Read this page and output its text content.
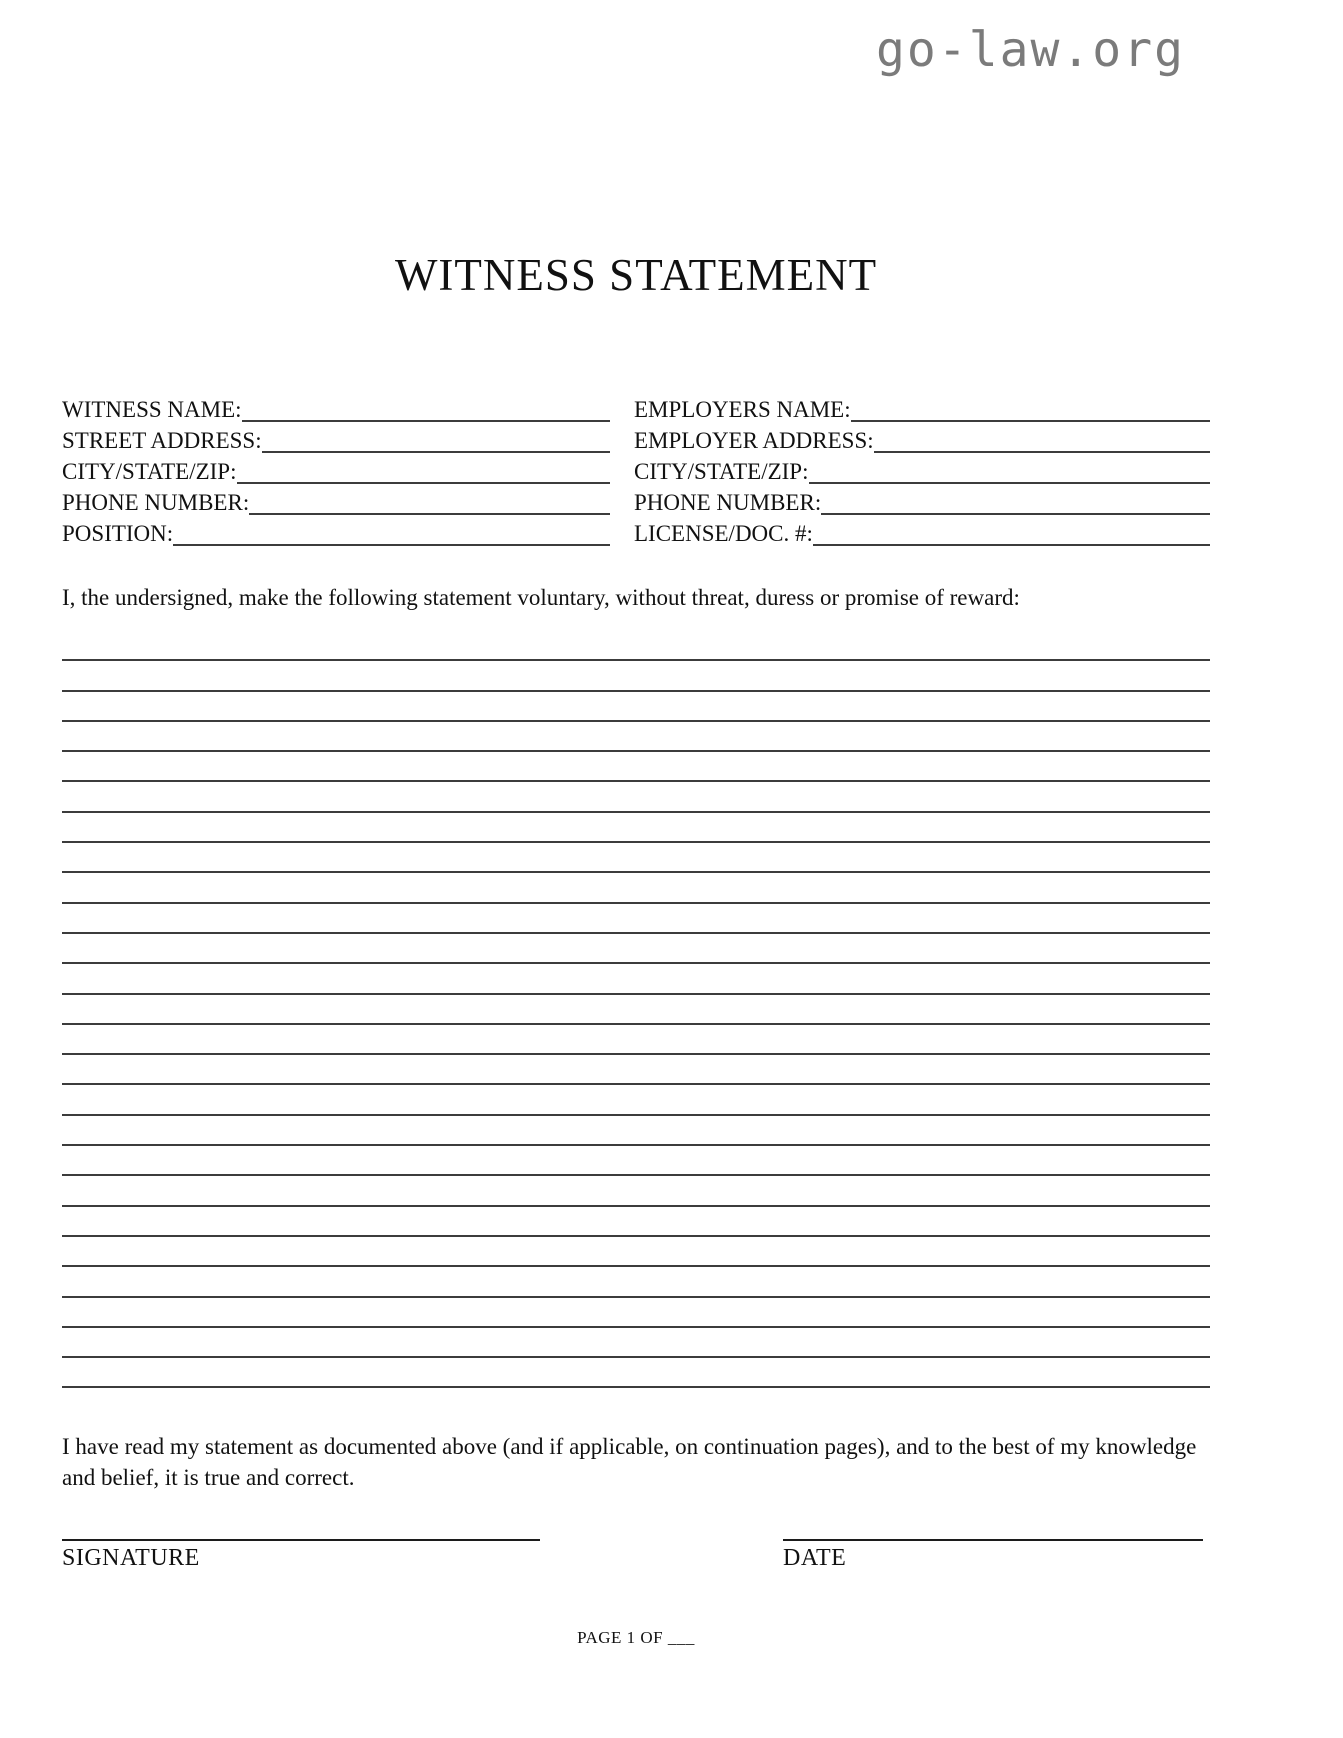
go-law.org
WITNESS STATEMENT
WITNESS NAME:	EMPLOYERS NAME:
STREET ADDRESS:	EMPLOYER ADDRESS:
CITY/STATE/ZIP:	CITY/STATE/ZIP:
PHONE NUMBER:	PHONE NUMBER:
POSITION:	LICENSE/DOC. #:

I, the undersigned, make the following statement voluntary, without threat, duress or promise of reward:

I have read my statement as documented above (and if applicable, on continuation pages), and to the best of my knowledge and belief, it is true and correct.

SIGNATURE	DATE
PAGE 1 OF ___
